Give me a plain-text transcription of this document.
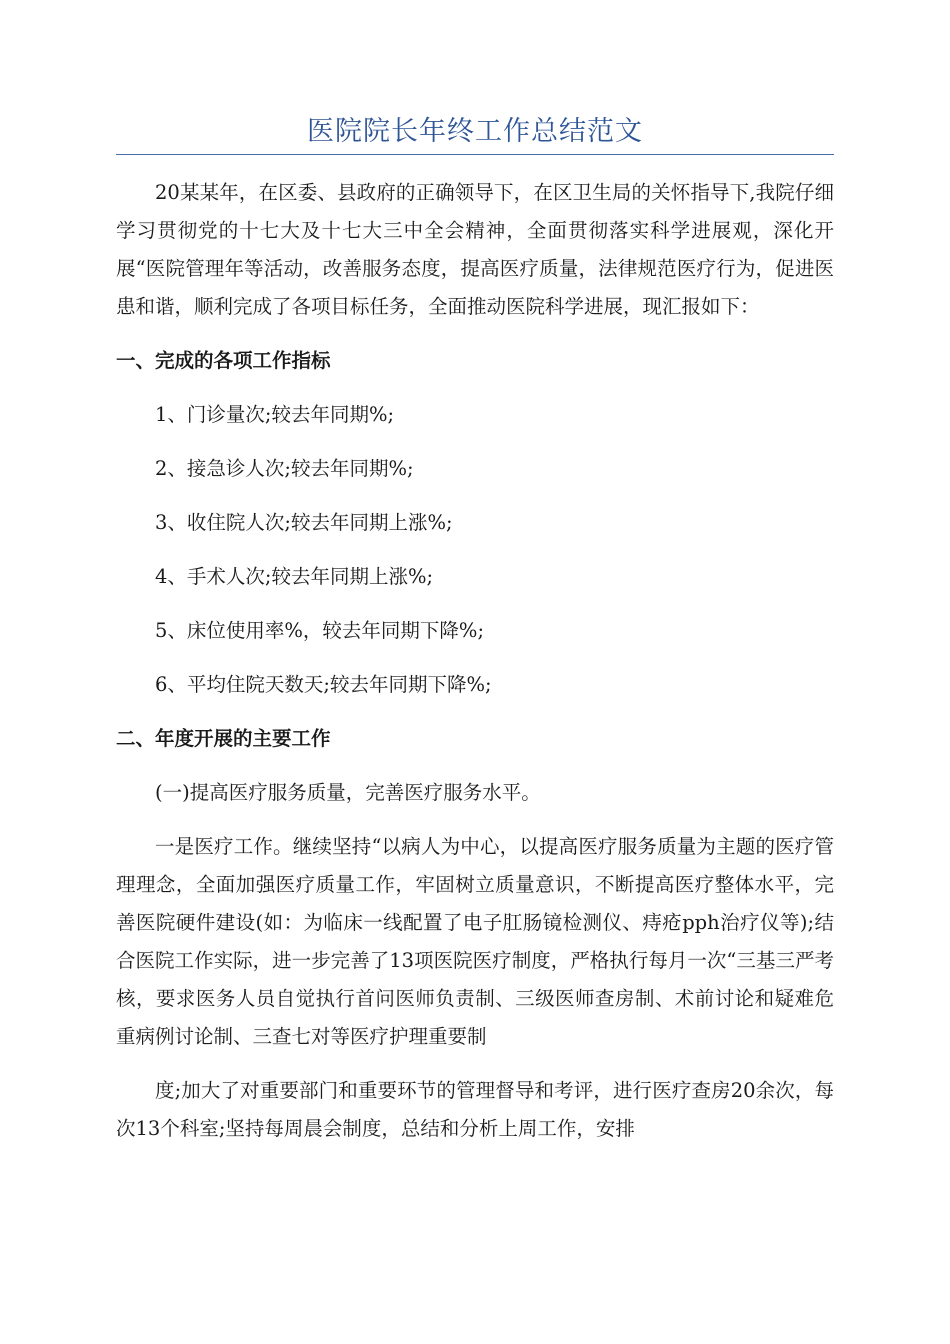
医院院长年终工作总结范文

20某某年，在区委、县政府的正确领导下，在区卫生局的关怀指导下,我院仔细学习贯彻党的十七大及十七大三中全会精神，全面贯彻落实科学进展观，深化开展“医院管理年等活动，改善服务态度，提高医疗质量，法律规范医疗行为，促进医患和谐，顺利完成了各项目标任务，全面推动医院科学进展，现汇报如下：

一、完成的各项工作指标

1、门诊量次;较去年同期%;

2、接急诊人次;较去年同期%;

3、收住院人次;较去年同期上涨%;

4、手术人次;较去年同期上涨%;

5、床位使用率%，较去年同期下降%;

6、平均住院天数天;较去年同期下降%;

二、年度开展的主要工作

(一)提高医疗服务质量，完善医疗服务水平。

一是医疗工作。继续坚持“以病人为中心，以提高医疗服务质量为主题的医疗管理理念，全面加强医疗质量工作，牢固树立质量意识，不断提高医疗整体水平，完善医院硬件建设(如：为临床一线配置了电子肛肠镜检测仪、痔疮pph治疗仪等);结合医院工作实际，进一步完善了13项医院医疗制度，严格执行每月一次“三基三严考核，要求医务人员自觉执行首问医师负责制、三级医师查房制、术前讨论和疑难危重病例讨论制、三查七对等医疗护理重要制

度;加大了对重要部门和重要环节的管理督导和考评，进行医疗查房20余次，每次13个科室;坚持每周晨会制度，总结和分析上周工作，安排
